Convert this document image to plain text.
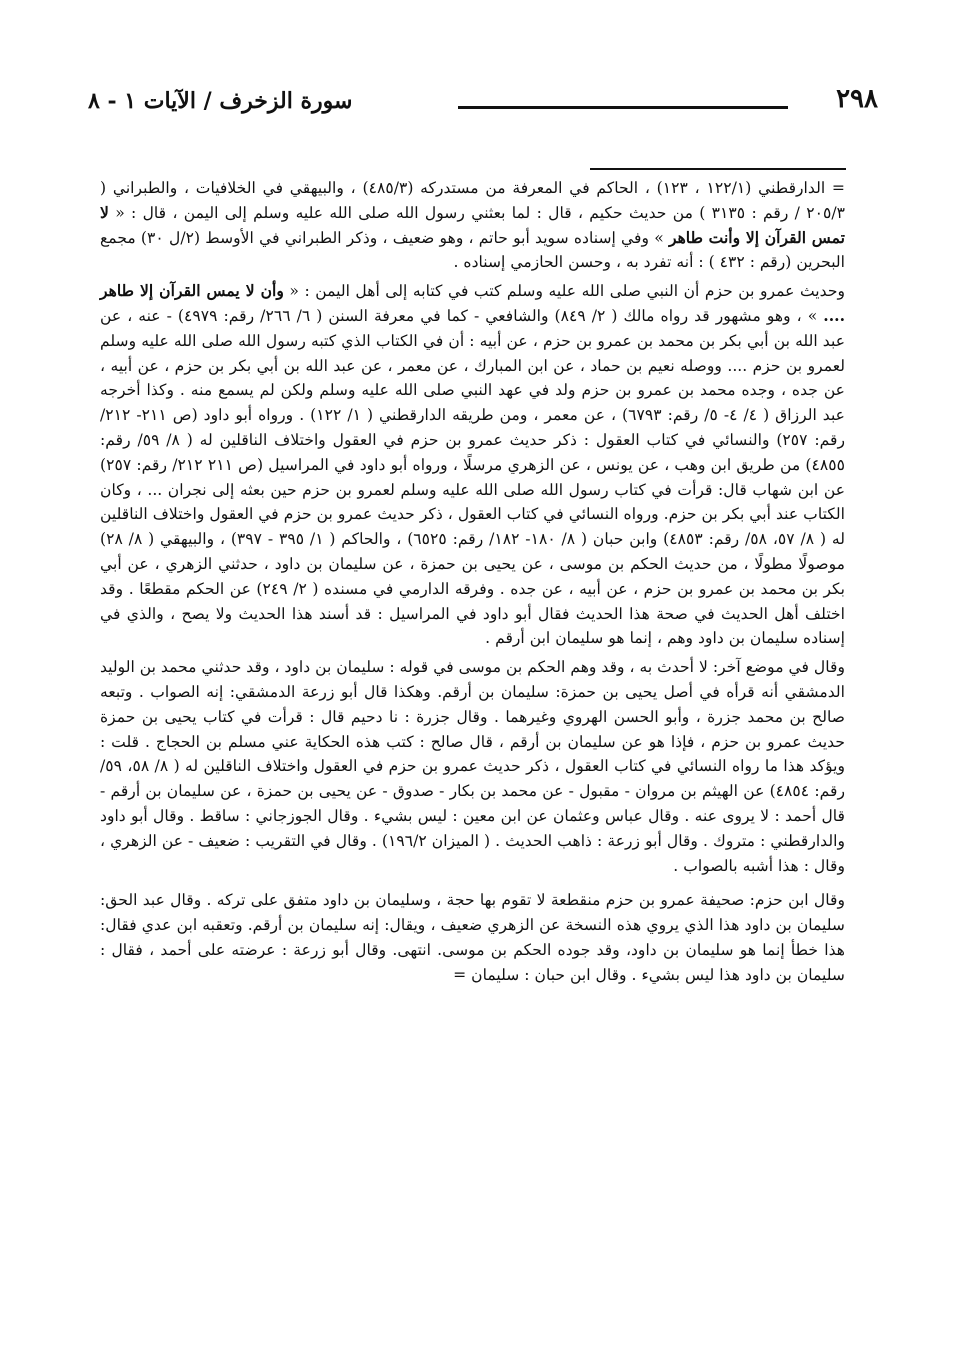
٢٩٨
سورة الزخرف / الآيات ١ - ٨

= الدارقطني (١٢٢/١ ، ١٢٣) ، الحاكم في المعرفة من مستدركه (٤٨٥/٣) ، والبيهقي في الخلافيات ، والطبراني ( ٢٠٥/٣ / رقم : ٣١٣٥ ) من حديث حكيم ، قال : لما بعثني رسول الله صلى الله عليه وسلم إلى اليمن ، قال : « لا تمس القرآن إلا وأنت طاهر » وفي إسناده سويد أبو حاتم ، وهو ضعيف ، وذكر الطبراني في الأوسط (٢/ل ٣٠) مجمع البحرين (رقم : ٤٣٢ ) : أنه تفرد به ، وحسن الحازمي إسناده .

وحديث عمرو بن حزم أن النبي صلى الله عليه وسلم كتب في كتابه إلى أهل اليمن : « وأن لا يمس القرآن إلا طاهر .... » ، وهو مشهور قد رواه مالك ( ٢/ ٨٤٩) والشافعي - كما في معرفة السنن ( ٦/ ٢٦٦/ رقم: ٤٩٧٩) - عنه ، عن عبد الله بن أبي بكر بن محمد بن عمرو بن حزم ، عن أبيه : أن في الكتاب الذي كتبه رسول الله صلى الله عليه وسلم لعمرو بن حزم .... ووصله نعيم بن حماد ، عن ابن المبارك ، عن معمر ، عن عبد الله بن أبي بكر بن حزم ، عن أبيه ، عن جده ، وجده محمد بن عمرو بن حزم ولد في عهد النبي صلى الله عليه وسلم ولكن لم يسمع منه . وكذا أخرجه عبد الرزاق ( ٤/ ٤- ٥/ رقم: ٦٧٩٣) ، عن معمر ، ومن طريقه الدارقطني ( ١/ ١٢٢) . ورواه أبو داود (ص ٢١١- ٢١٢/ رقم: ٢٥٧) والنسائي في كتاب العقول : ذكر حديث عمرو بن حزم في العقول واختلاف الناقلين له ( ٨/ ٥٩/ رقم: ٤٨٥٥) من طريق ابن وهب ، عن يونس ، عن الزهري مرسلًا ، ورواه أبو داود في المراسيل (ص ٢١١ ٢١٢/ رقم: ٢٥٧) عن ابن شهاب قال: قرأت في كتاب رسول الله صلى الله عليه وسلم لعمرو بن حزم حين بعثه إلى نجران ... ، وكان الكتاب عند أبي بكر بن حزم. ورواه النسائي في كتاب العقول ، ذكر حديث عمرو بن حزم في العقول واختلاف الناقلين له ( ٨/ ٥٧، ٥٨/ رقم: ٤٨٥٣) وابن حبان ( ٨/ ١٨٠- ١٨٢/ رقم: ٦٥٢٥) ، والحاكم ( ١/ ٣٩٥ - ٣٩٧) ، والبيهقي ( ٨/ ٢٨) موصولًا مطولًا ، من حديث الحكم بن موسى ، عن يحيى بن حمزة ، عن سليمان بن داود ، حدثني الزهري ، عن أبي بكر بن محمد بن عمرو بن حزم ، عن أبيه ، عن جده . وفرقه الدارمي في مسنده ( ٢/ ٢٤٩) عن الحكم مقطعًا . وقد اختلف أهل الحديث في صحة هذا الحديث فقال أبو داود في المراسيل : قد أسند هذا الحديث ولا يصح ، والذي في إسناده سليمان بن داود وهم ، إنما هو سليمان ابن أرقم .

وقال في موضع آخر: لا أحدث به ، وقد وهم الحكم بن موسى في قوله : سليمان بن داود ، وقد حدثني محمد بن الوليد الدمشقي أنه قرأه في أصل يحيى بن حمزة: سليمان بن أرقم. وهكذا قال أبو زرعة الدمشقي: إنه الصواب . وتبعه صالح بن محمد جزرة ، وأبو الحسن الهروي وغيرهما . وقال جزرة : نا دحيم قال : قرأت في كتاب يحيى بن حمزة حديث عمرو بن حزم ، فإذا هو عن سليمان بن أرقم ، قال صالح : كتب هذه الحكاية عني مسلم بن الحجاج . قلت : ويؤكد هذا ما رواه النسائي في كتاب العقول ، ذكر حديث عمرو بن حزم في العقول واختلاف الناقلين له ( ٨/ ٥٨، ٥٩/ رقم: ٤٨٥٤) عن الهيثم بن مروان - مقبول - عن محمد بن بكار - صدوق - عن يحيى بن حمزة ، عن سليمان بن أرقم - قال أحمد : لا يروى عنه . وقال عباس وعثمان عن ابن معين : ليس بشيء . وقال الجوزجاني : ساقط . وقال أبو داود والدارقطني : متروك . وقال أبو زرعة : ذاهب الحديث . ( الميزان ١٩٦/٢) . وقال في التقريب : ضعيف - عن الزهري ، وقال : هذا أشبه بالصواب .

وقال ابن حزم: صحيفة عمرو بن حزم منقطعة لا تقوم بها حجة ، وسليمان بن داود متفق على تركه . وقال عبد الحق: سليمان بن داود هذا الذي يروي هذه النسخة عن الزهري ضعيف ، ويقال: إنه سليمان بن أرقم. وتعقبه ابن عدي فقال: هذا خطأ إنما هو سليمان بن داود، وقد جوده الحكم بن موسى. انتهى. وقال أبو زرعة : عرضته على أحمد ، فقال : سليمان بن داود هذا ليس بشيء . وقال ابن حبان : سليمان =
